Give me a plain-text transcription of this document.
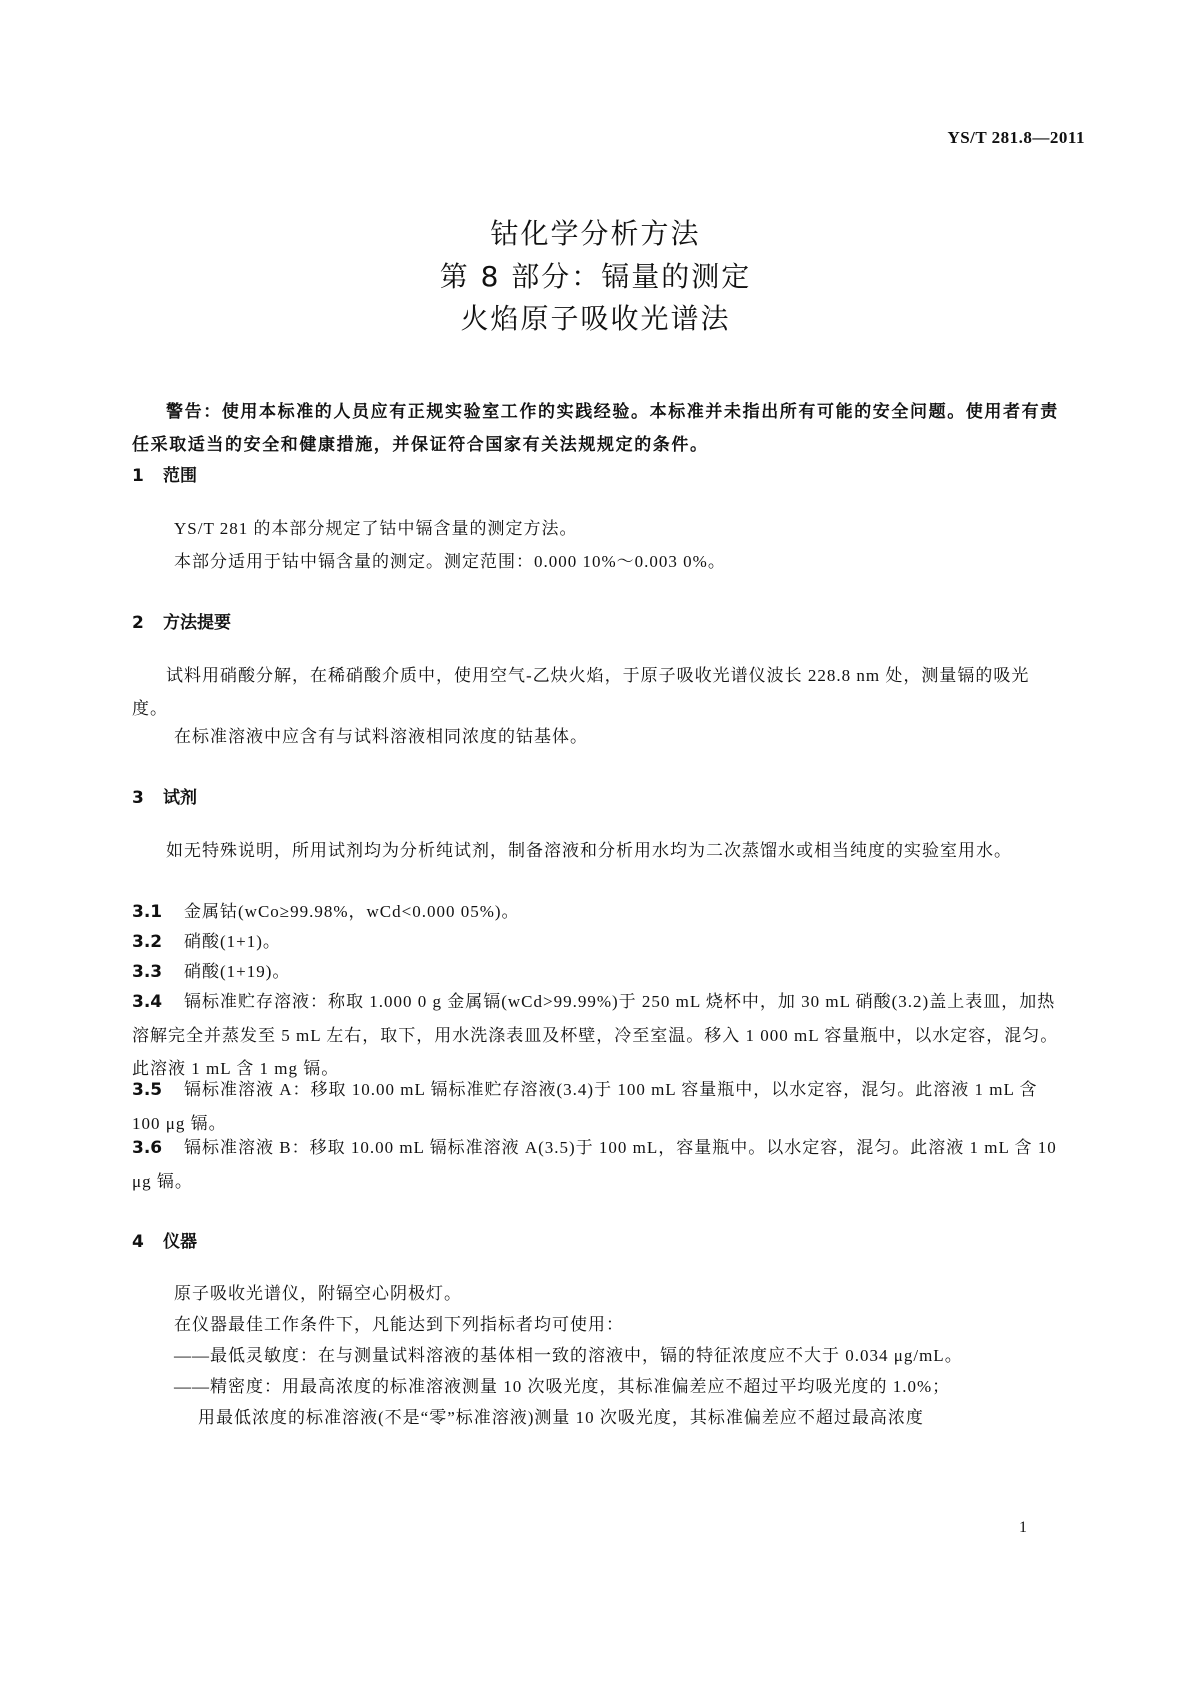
YS/T 281.8—2011
钴化学分析方法
第 8 部分：镉量的测定
火焰原子吸收光谱法
警告：使用本标准的人员应有正规实验室工作的实践经验。本标准并未指出所有可能的安全问题。使用者有责任采取适当的安全和健康措施，并保证符合国家有关法规规定的条件。
1 范围
YS/T 281 的本部分规定了钴中镉含量的测定方法。
本部分适用于钴中镉含量的测定。测定范围：0.000 10%～0.003 0%。
2 方法提要
试料用硝酸分解，在稀硝酸介质中，使用空气-乙炔火焰，于原子吸收光谱仪波长 228.8 nm 处，测量镉的吸光度。
在标准溶液中应含有与试料溶液相同浓度的钴基体。
3 试剂
如无特殊说明，所用试剂均为分析纯试剂，制备溶液和分析用水均为二次蒸馏水或相当纯度的实验室用水。
3.1 金属钴(wCo≥99.98%，wCd<0.000 05%)。
3.2 硝酸(1+1)。
3.3 硝酸(1+19)。
3.4 镉标准贮存溶液：称取 1.000 0 g 金属镉(wCd>99.99%)于 250 mL 烧杯中，加 30 mL 硝酸(3.2)盖上表皿，加热溶解完全并蒸发至 5 mL 左右，取下，用水洗涤表皿及杯壁，冷至室温。移入 1 000 mL 容量瓶中，以水定容，混匀。此溶液 1 mL 含 1 mg 镉。
3.5 镉标准溶液 A：移取 10.00 mL 镉标准贮存溶液(3.4)于 100 mL 容量瓶中，以水定容，混匀。此溶液 1 mL 含 100 μg 镉。
3.6 镉标准溶液 B：移取 10.00 mL 镉标准溶液 A(3.5)于 100 mL，容量瓶中。以水定容，混匀。此溶液 1 mL 含 10 μg 镉。
4 仪器
原子吸收光谱仪，附镉空心阴极灯。
在仪器最佳工作条件下，凡能达到下列指标者均可使用：
——最低灵敏度：在与测量试料溶液的基体相一致的溶液中，镉的特征浓度应不大于 0.034 μg/mL。
——精密度：用最高浓度的标准溶液测量 10 次吸光度，其标准偏差应不超过平均吸光度的 1.0%；
用最低浓度的标准溶液(不是“零”标准溶液)测量 10 次吸光度，其标准偏差应不超过最高浓度
1
